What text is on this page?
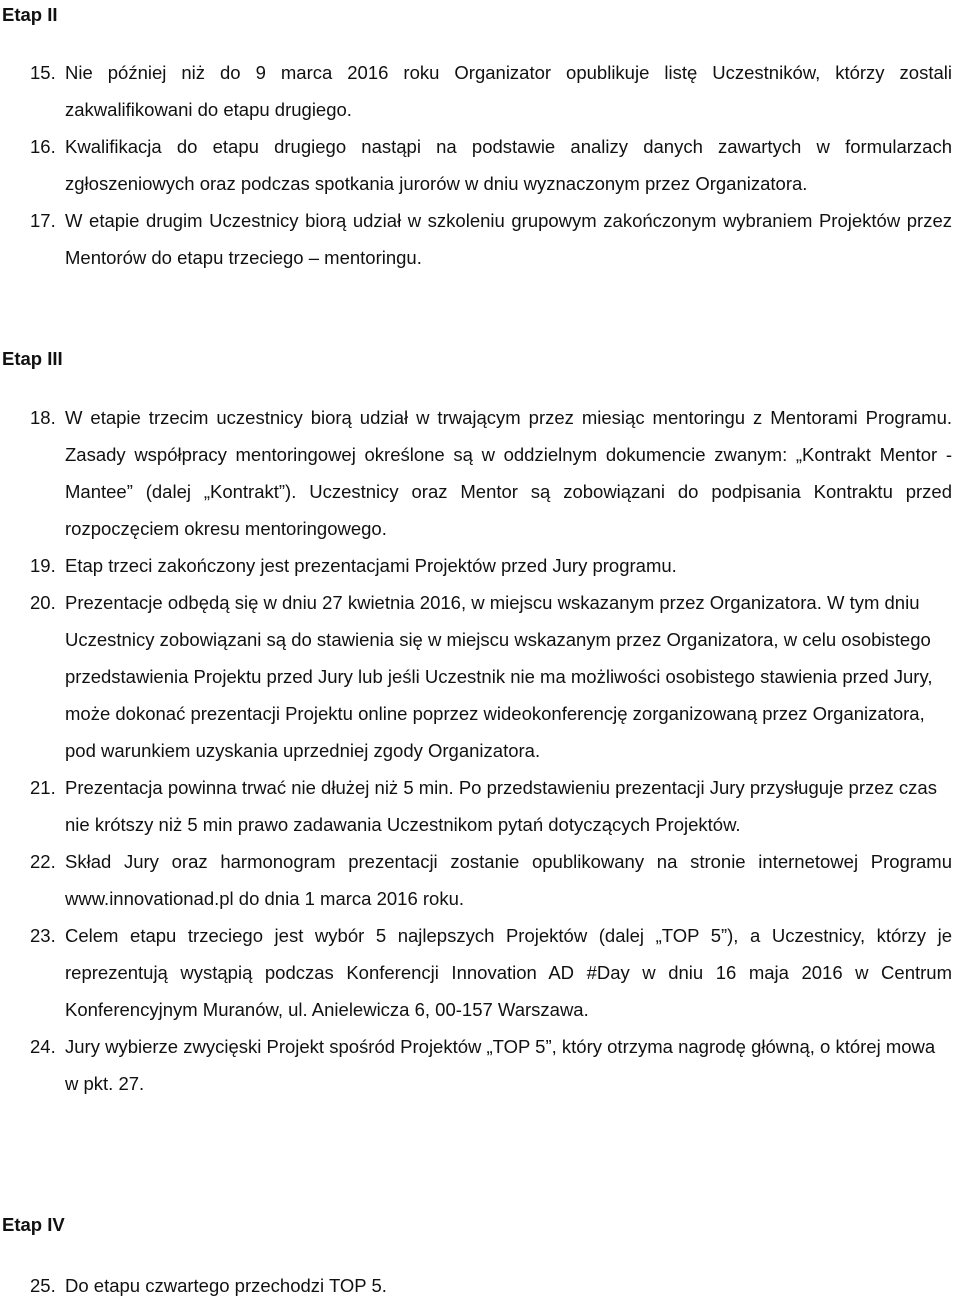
Etap II
15. Nie później niż do 9 marca 2016 roku Organizator opublikuje listę Uczestników, którzy zostali zakwalifikowani do etapu drugiego.
16. Kwalifikacja do etapu drugiego nastąpi na podstawie analizy danych zawartych w formularzach zgłoszeniowych oraz podczas spotkania jurorów w dniu wyznaczonym przez Organizatora.
17. W etapie drugim Uczestnicy biorą udział w szkoleniu grupowym zakończonym wybraniem Projektów przez Mentorów do etapu trzeciego – mentoringu.
Etap III
18. W etapie trzecim uczestnicy biorą udział w trwającym przez miesiąc mentoringu z Mentorami Programu. Zasady współpracy mentoringowej określone są w oddzielnym dokumencie zwanym: „Kontrakt Mentor - Mantee” (dalej „Kontrakt”). Uczestnicy oraz Mentor są zobowiązani do podpisania Kontraktu przed rozpoczęciem okresu mentoringowego.
19. Etap trzeci zakończony jest prezentacjami Projektów przed Jury programu.
20. Prezentacje odbędą się w dniu 27 kwietnia 2016, w miejscu wskazanym przez Organizatora. W tym dniu Uczestnicy zobowiązani są do stawienia się w miejscu wskazanym przez Organizatora, w celu osobistego przedstawienia Projektu przed Jury lub jeśli Uczestnik nie ma możliwości osobistego stawienia przed Jury, może dokonać prezentacji Projektu online poprzez wideokonferencję zorganizowaną przez Organizatora, pod warunkiem uzyskania uprzedniej zgody Organizatora.
21. Prezentacja powinna trwać nie dłużej niż 5 min. Po przedstawieniu prezentacji Jury przysługuje przez czas nie krótszy niż 5 min prawo zadawania Uczestnikom pytań dotyczących Projektów.
22. Skład Jury oraz harmonogram prezentacji zostanie opublikowany na stronie internetowej Programu www.innovationad.pl do dnia 1 marca 2016 roku.
23. Celem etapu trzeciego jest wybór 5 najlepszych Projektów (dalej „TOP 5”), a Uczestnicy, którzy je reprezentują wystąpią podczas Konferencji Innovation AD #Day w dniu 16 maja 2016 w Centrum Konferencyjnym Muranów, ul. Anielewicza 6, 00-157 Warszawa.
24. Jury wybierze zwycięski Projekt spośród Projektów „TOP 5”, który otrzyma nagrodę główną, o której mowa w pkt. 27.
Etap IV
25. Do etapu czwartego przechodzi TOP 5.
